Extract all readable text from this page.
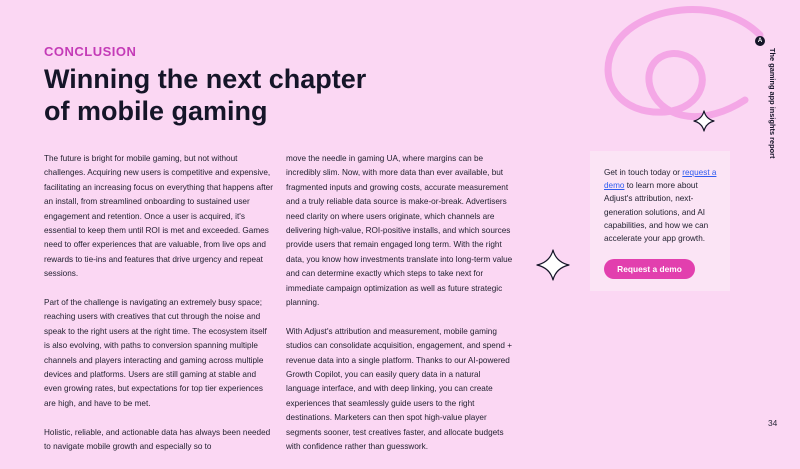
CONCLUSION
Winning the next chapter
of mobile gaming

The future is bright for mobile gaming, but not without challenges. Acquiring new users is competitive and expensive, facilitating an increasing focus on everything that happens after an install, from streamlined onboarding to sustained user engagement and retention. Once a user is acquired, it's essential to keep them until ROI is met and exceeded. Games need to offer experiences that are valuable, from live ops and rewards to tie-ins and features that drive urgency and repeat sessions.

Part of the challenge is navigating an extremely busy space; reaching users with creatives that cut through the noise and speak to the right users at the right time. The ecosystem itself is also evolving, with paths to conversion spanning multiple channels and players interacting and gaming across multiple devices and platforms. Users are still gaming at stable and even growing rates, but expectations for top tier experiences are high, and have to be met.

Holistic, reliable, and actionable data has always been needed to navigate mobile growth and especially so to

move the needle in gaming UA, where margins can be incredibly slim. Now, with more data than ever available, but fragmented inputs and growing costs, accurate measurement and a truly reliable data source is make-or-break. Advertisers need clarity on where users originate, which channels are delivering high-value, ROI-positive installs, and which sources provide users that remain engaged long term. With the right data, you know how investments translate into long-term value and can determine exactly which steps to take next for immediate campaign optimization as well as future strategic planning.

With Adjust's attribution and measurement, mobile gaming studios can consolidate acquisition, engagement, and spend + revenue data into a single platform. Thanks to our AI-powered Growth Copilot, you can easily query data in a natural language interface, and with deep linking, you can create experiences that seamlessly guide users to the right destinations. Marketers can then spot high-value player segments sooner, test creatives faster, and allocate budgets with confidence rather than guesswork.

Get in touch today or request a demo to learn more about Adjust's attribution, next-generation solutions, and AI capabilities, and how we can accelerate your app growth.

Request a demo
A
The gaming app insights report
34
